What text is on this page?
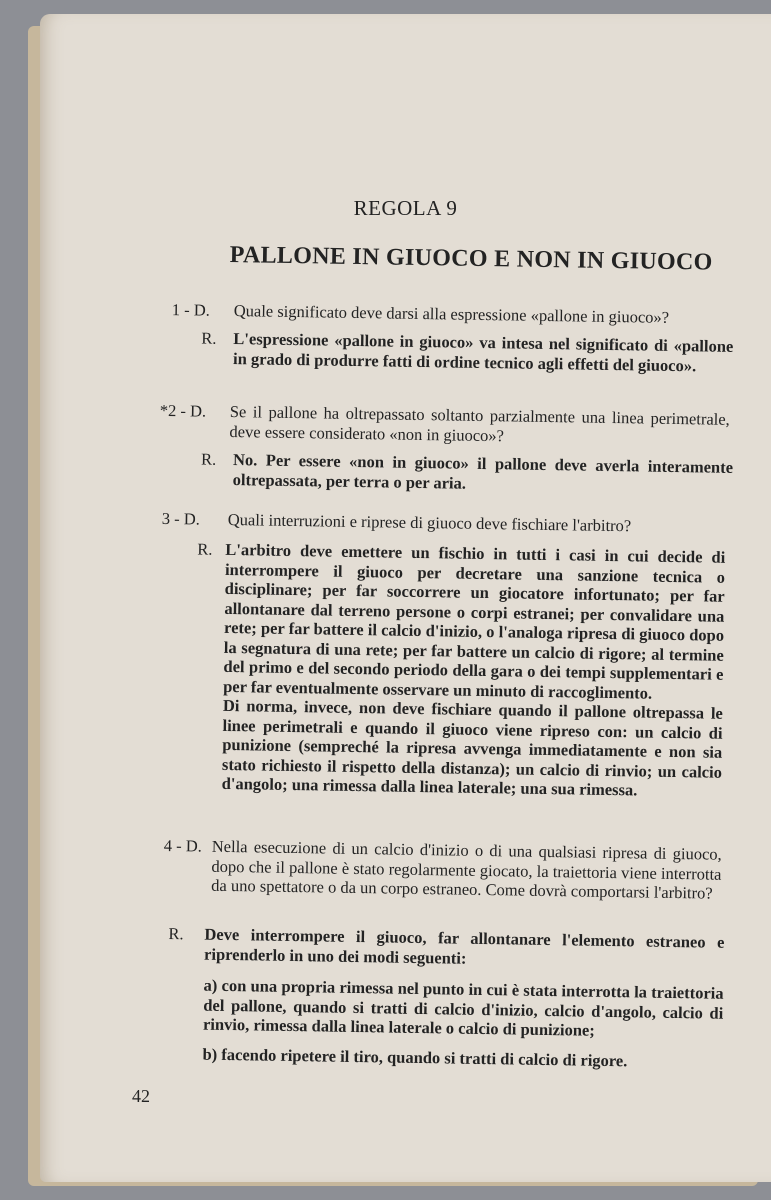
REGOLA 9
PALLONE IN GIUOCO E NON IN GIUOCO
1 - D. Quale significato deve darsi alla espressione «pallone in giuoco»?
R. L'espressione «pallone in giuoco» va intesa nel significato di «pallone in grado di produrre fatti di ordine tecnico agli effetti del giuoco».
*2 - D. Se il pallone ha oltrepassato soltanto parzialmente una linea perimetrale, deve essere considerato «non in giuoco»?
R. No. Per essere «non in giuoco» il pallone deve averla interamente oltrepassata, per terra o per aria.
3 - D. Quali interruzioni e riprese di giuoco deve fischiare l'arbitro?
R. L'arbitro deve emettere un fischio in tutti i casi in cui decide di interrompere il giuoco per decretare una sanzione tecnica o disciplinare; per far soccorrere un giocatore infortunato; per far allontanare dal terreno persone o corpi estranei; per convalidare una rete; per far battere il calcio d'inizio, o l'analoga ripresa di giuoco dopo la segnatura di una rete; per far battere un calcio di rigore; al termine del primo e del secondo periodo della gara o dei tempi supplementari e per far eventualmente osservare un minuto di raccoglimento.

Di norma, invece, non deve fischiare quando il pallone oltrepassa le linee perimetrali e quando il giuoco viene ripreso con: un calcio di punizione (sempreché la ripresa avvenga immediatamente e non sia stato richiesto il rispetto della distanza); un calcio di rinvio; un calcio d'angolo; una rimessa dalla linea laterale; una sua rimessa.

4 - D. Nella esecuzione di un calcio d'inizio o di una qualsiasi ripresa di giuoco, dopo che il pallone è stato regolarmente giocato, la traiettoria viene interrotta da uno spettatore o da un corpo estraneo. Come dovrà comportarsi l'arbitro?
R. Deve interrompere il giuoco, far allontanare l'elemento estraneo e riprenderlo in uno dei modi seguenti:

a) con una propria rimessa nel punto in cui è stata interrotta la traiettoria del pallone, quando si tratti di calcio d'inizio, calcio d'angolo, calcio di rinvio, rimessa dalla linea laterale o calcio di punizione;

b) facendo ripetere il tiro, quando si tratti di calcio di rigore.

42
